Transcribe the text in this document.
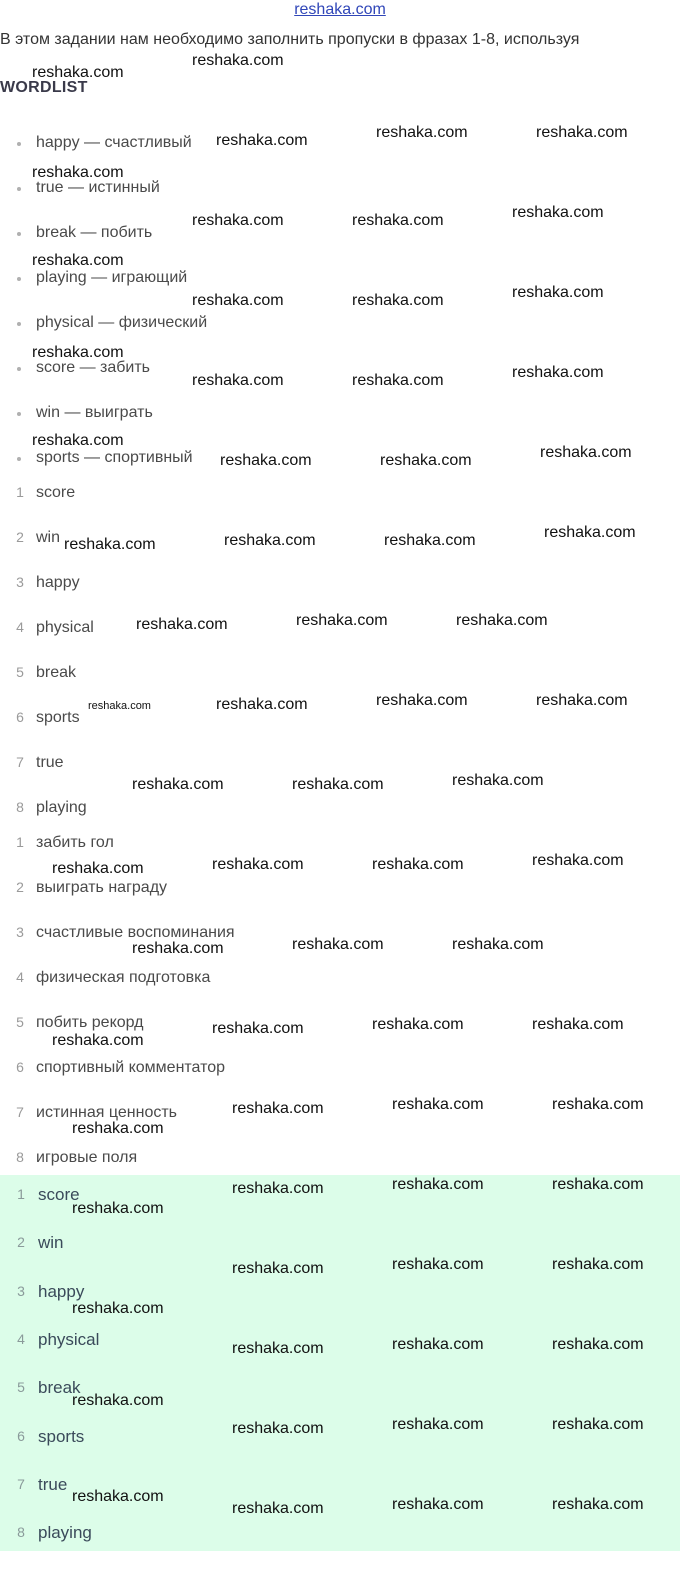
reshaka.com
В этом задании нам необходимо заполнить пропуски в фразах 1-8, используя
WORDLIST
happy — счастливый
true — истинный
break — побить
playing — играющий
physical — физический
score — забить
win — выиграть
sports — спортивный
1 score
2 win
3 happy
4 physical
5 break
6 sports
7 true
8 playing
1 забить гол
2 выиграть награду
3 счастливые воспоминания
4 физическая подготовка
5 побить рекорд
6 спортивный комментатор
7 истинная ценность
8 игровые поля
1 score
2 win
3 happy
4 physical
5 break
6 sports
7 true
8 playing
reshaka.com
reshaka.com
reshaka.com	reshaka.com	reshaka.com
reshaka.com
reshaka.com	reshaka.com	reshaka.com
reshaka.com
reshaka.com	reshaka.com	reshaka.com
reshaka.com
reshaka.com	reshaka.com	reshaka.com
reshaka.com
reshaka.com	reshaka.com	reshaka.com
reshaka.com	reshaka.com	reshaka.com	reshaka.com
reshaka.com	reshaka.com	reshaka.com
reshaka.com	reshaka.com	reshaka.com	reshaka.com
reshaka.com	reshaka.com	reshaka.com
reshaka.com	reshaka.com	reshaka.com	reshaka.com
reshaka.com	reshaka.com	reshaka.com
reshaka.com	reshaka.com	reshaka.com
reshaka.com
reshaka.com	reshaka.com	reshaka.com
reshaka.com
reshaka.com	reshaka.com	reshaka.com
reshaka.com
reshaka.com	reshaka.com	reshaka.com
reshaka.com
reshaka.com	reshaka.com	reshaka.com
reshaka.com
reshaka.com	reshaka.com	reshaka.com
reshaka.com
reshaka.com	reshaka.com	reshaka.com
